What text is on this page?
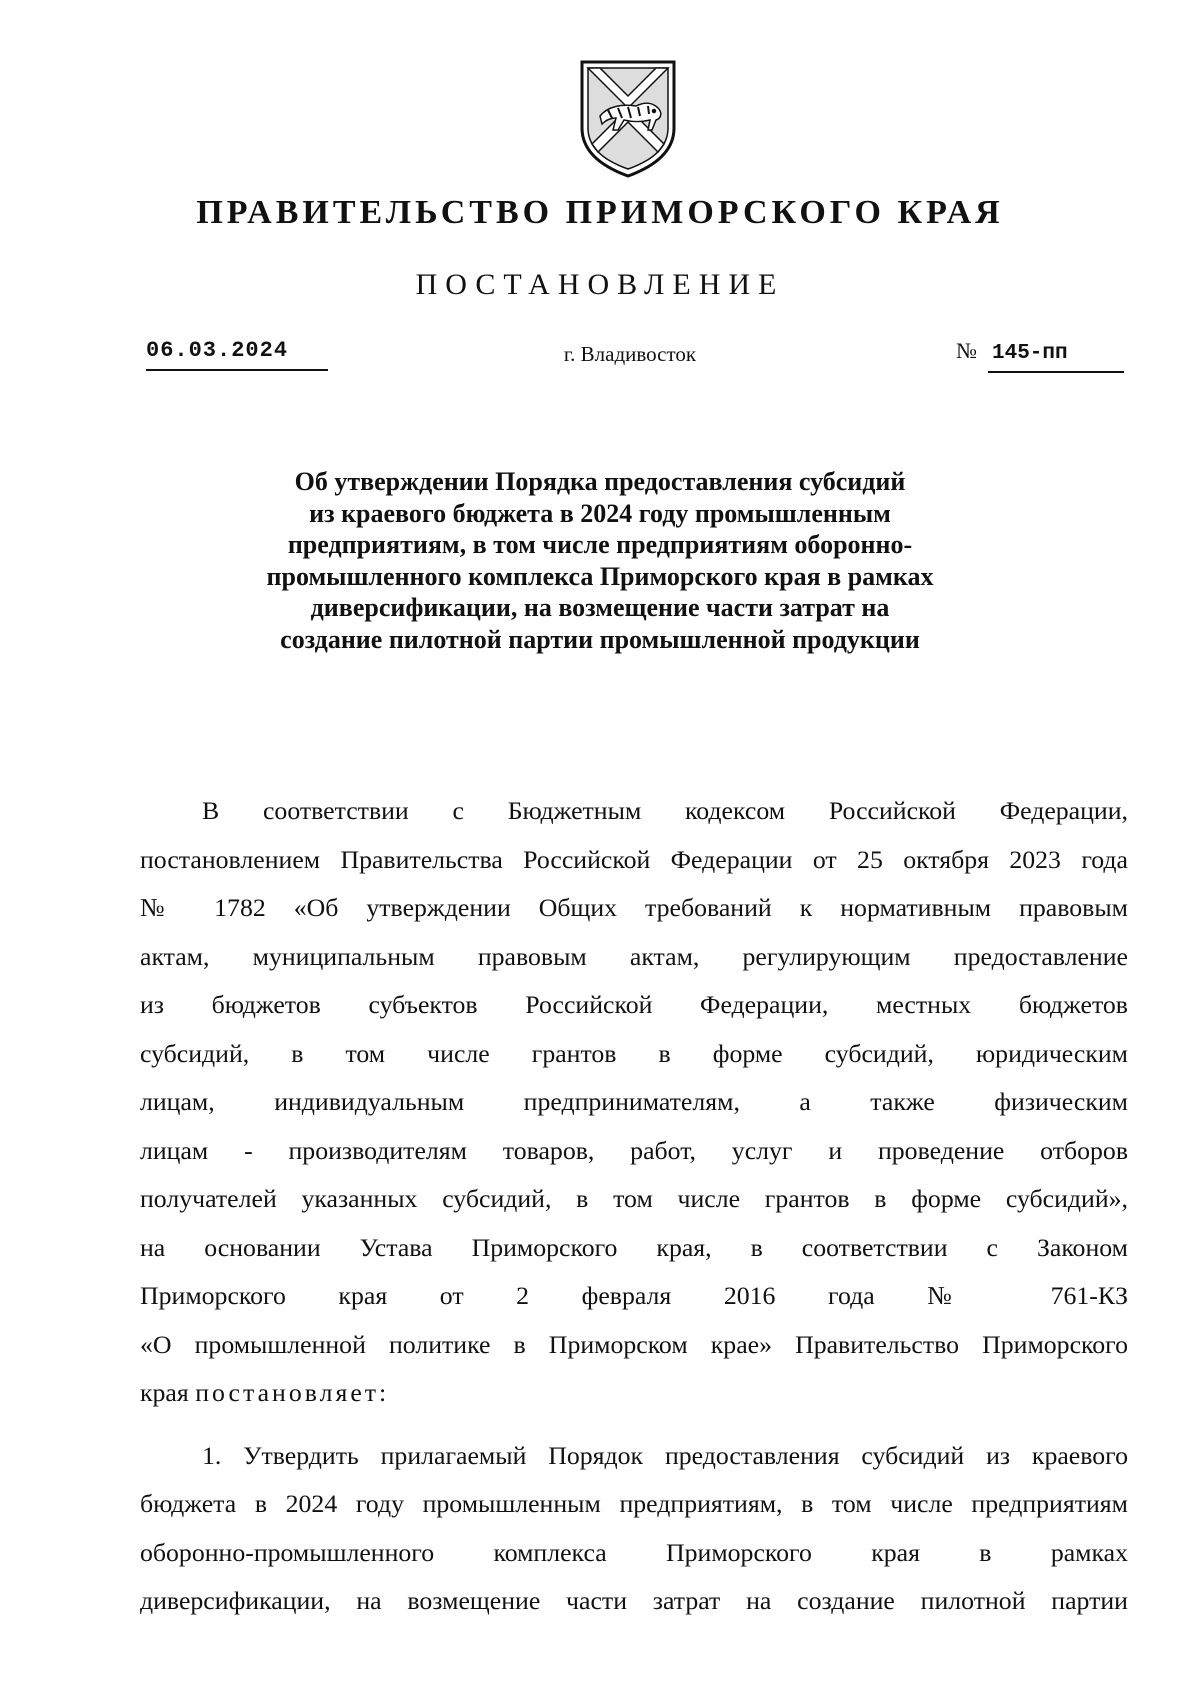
ПРАВИТЕЛЬСТВО ПРИМОРСКОГО КРАЯ
ПОСТАНОВЛЕНИЕ
06.03.2024	г. Владивосток	№ 145-пп
Об утверждении Порядка предоставления субсидий
из краевого бюджета в 2024 году промышленным
предприятиям, в том числе предприятиям оборонно-
промышленного комплекса Приморского края в рамках
диверсификации, на возмещение части затрат на
создание пилотной партии промышленной продукции
В соответствии с Бюджетным кодексом Российской Федерации,
постановлением Правительства Российской Федерации от 25 октября 2023 года
№ 1782 «Об утверждении Общих требований к нормативным правовым
актам, муниципальным правовым актам, регулирующим предоставление
из бюджетов субъектов Российской Федерации, местных бюджетов
субсидий, в том числе грантов в форме субсидий, юридическим
лицам, индивидуальным предпринимателям, а также физическим
лицам - производителям товаров, работ, услуг и проведение отборов
получателей указанных субсидий, в том числе грантов в форме субсидий»,
на основании Устава Приморского края, в соответствии с Законом
Приморского края от 2 февраля 2016 года № 761-КЗ
«О промышленной политике в Приморском крае» Правительство Приморского
края постановляет:
1. Утвердить прилагаемый Порядок предоставления субсидий из краевого
бюджета в 2024 году промышленным предприятиям, в том числе предприятиям
оборонно-промышленного комплекса Приморского края в рамках
диверсификации, на возмещение части затрат на создание пилотной партии
